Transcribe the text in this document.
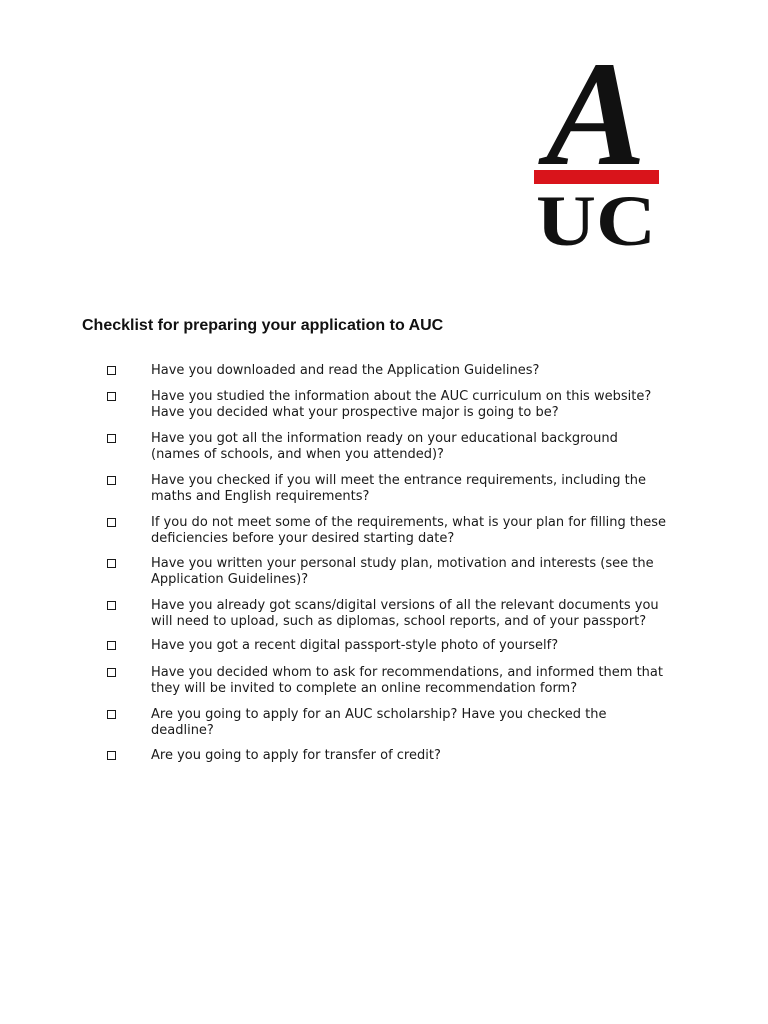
A
UC
Checklist for preparing your application to AUC
Have you downloaded and read the Application Guidelines?
Have you studied the information about the AUC curriculum on this website?
Have you decided what your prospective major is going to be?
Have you got all the information ready on your educational background
(names of schools, and when you attended)?
Have you checked if you will meet the entrance requirements, including the
maths and English requirements?
If you do not meet some of the requirements, what is your plan for filling these
deficiencies before your desired starting date?
Have you written your personal study plan, motivation and interests (see the
Application Guidelines)?
Have you already got scans/digital versions of all the relevant documents you
will need to upload, such as diplomas, school reports, and of your passport?
Have you got a recent digital passport-style photo of yourself?
Have you decided whom to ask for recommendations, and informed them that
they will be invited to complete an online recommendation form?
Are you going to apply for an AUC scholarship? Have you checked the
deadline?
Are you going to apply for transfer of credit?
